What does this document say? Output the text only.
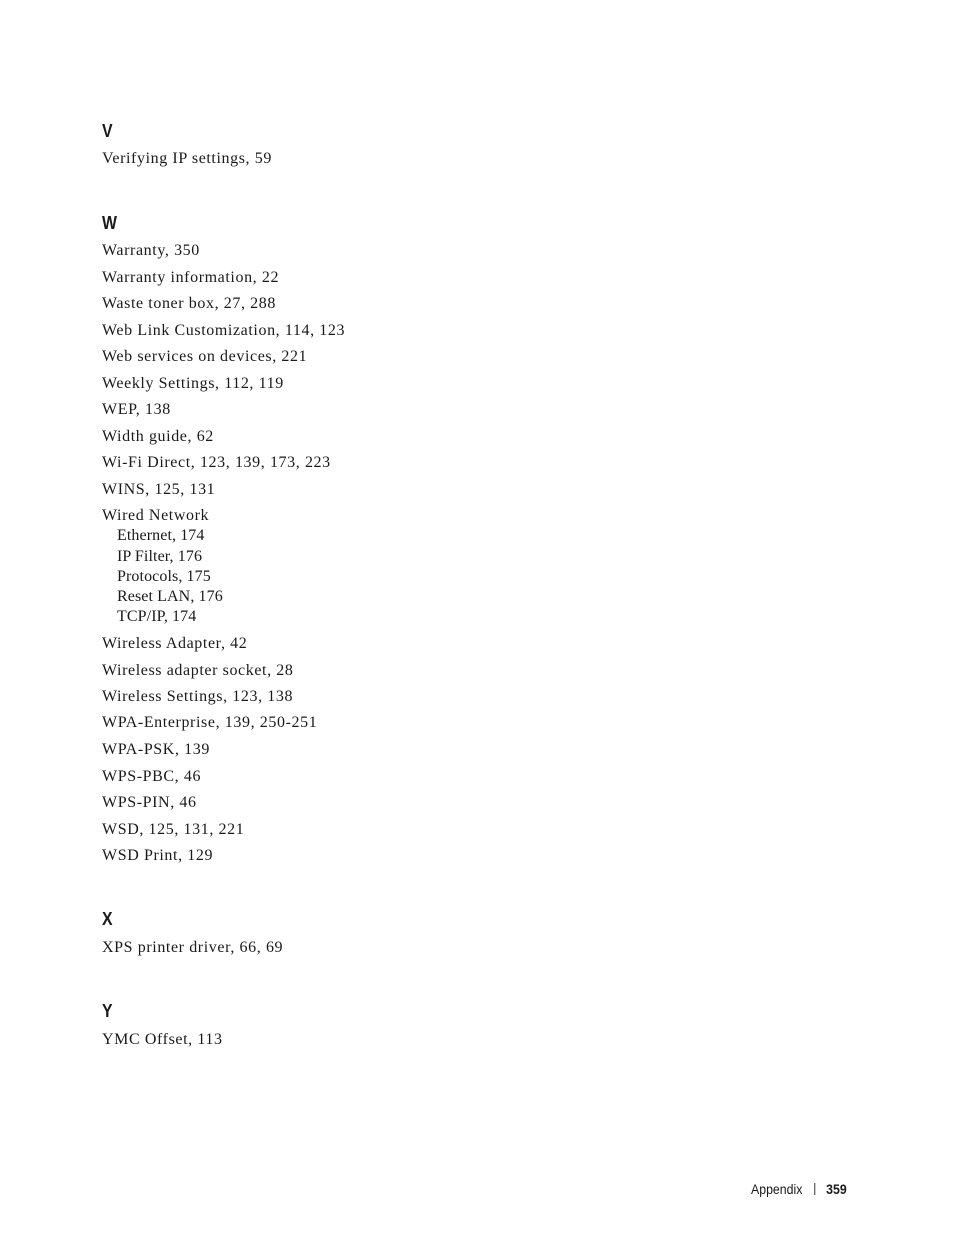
V

Verifying IP settings, 59

W

Warranty, 350

Warranty information, 22

Waste toner box, 27, 288

Web Link Customization, 114, 123

Web services on devices, 221

Weekly Settings, 112, 119

WEP, 138

Width guide, 62

Wi-Fi Direct, 123, 139, 173, 223

WINS, 125, 131

Wired Network

Ethernet, 174

IP Filter, 176

Protocols, 175

Reset LAN, 176

TCP/IP, 174

Wireless Adapter, 42

Wireless adapter socket, 28

Wireless Settings, 123, 138

WPA-Enterprise, 139, 250-251

WPA-PSK, 139

WPS-PBC, 46

WPS-PIN, 46

WSD, 125, 131, 221

WSD Print, 129

X

XPS printer driver, 66, 69

Y

YMC Offset, 113

Appendix 359
